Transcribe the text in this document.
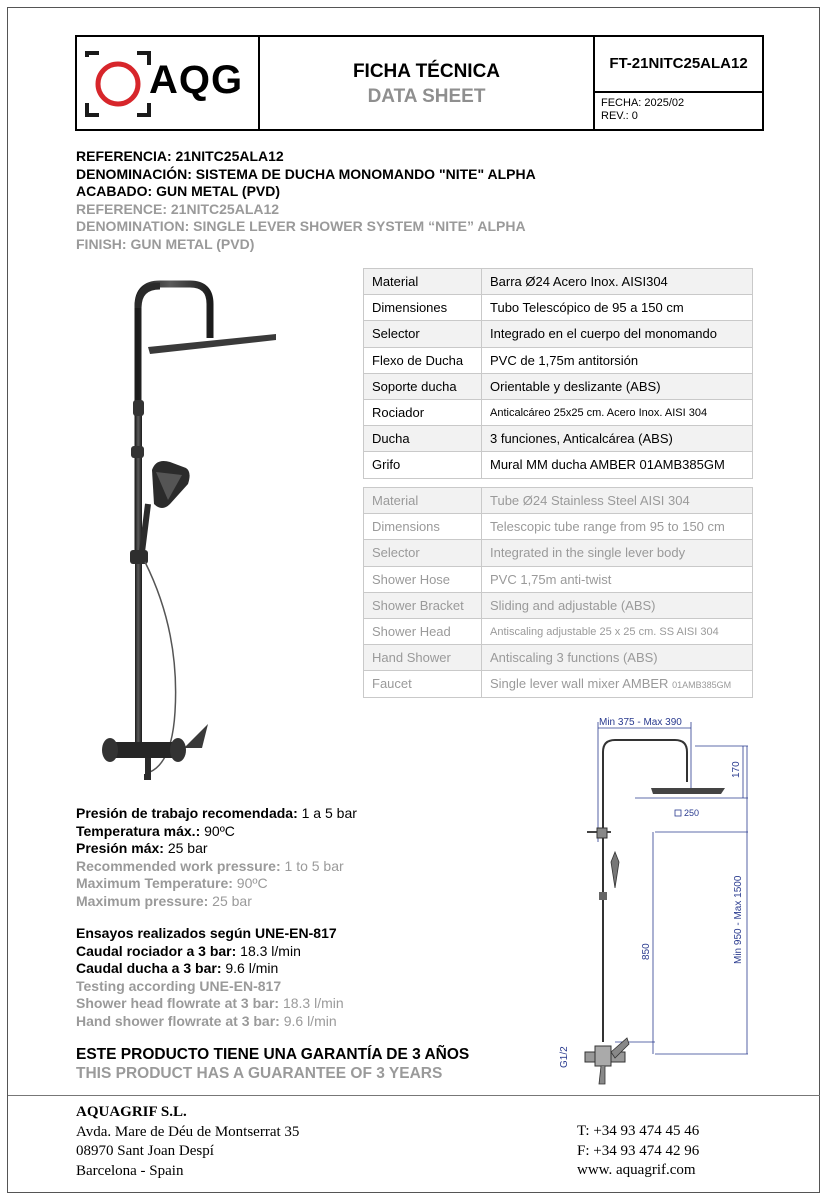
AQG	FICHA TÉCNICA
DATA SHEET
FT-21NITC25ALA12
FECHA: 2025/02
REV.: 0
REFERENCIA: 21NITC25ALA12
DENOMINACIÓN: SISTEMA DE DUCHA MONOMANDO "NITE" ALPHA
ACABADO: GUN METAL (PVD)
REFERENCE: 21NITC25ALA12
DENOMINATION: SINGLE LEVER SHOWER SYSTEM “NITE” ALPHA
FINISH: GUN METAL (PVD)
Material	Barra Ø24 Acero Inox. AISI304
Dimensiones	Tubo Telescópico de 95 a 150 cm
Selector	Integrado en el cuerpo del monomando
Flexo de Ducha	PVC de 1,75m antitorsión
Soporte ducha	Orientable y deslizante (ABS)
Rociador	Anticalcáreo 25x25 cm. Acero Inox. AISI 304
Ducha	3 funciones, Anticalcárea (ABS)
Grifo	Mural MM ducha AMBER 01AMB385GM
Material	Tube Ø24 Stainless Steel AISI 304
Dimensions	Telescopic tube range from 95 to 150 cm
Selector	Integrated in the single lever body
Shower Hose	PVC 1,75m anti-twist
Shower Bracket	Sliding and adjustable (ABS)
Shower Head	Antiscaling adjustable 25 x 25 cm. SS AISI 304
Hand Shower	Antiscaling 3 functions (ABS)
Faucet	Single lever wall mixer AMBER 01AMB385GM
Min 375 - Max 390
170
850	Min 950 - Max 1500
G1/2
250
Presión de trabajo recomendada: 1 a 5 bar
Temperatura máx.: 90ºC
Presión máx: 25 bar
Recommended work pressure: 1 to 5 bar
Maximum Temperature: 90ºC
Maximum pressure: 25 bar
Ensayos realizados según UNE-EN-817
Caudal rociador a 3 bar: 18.3 l/min
Caudal ducha a 3 bar: 9.6 l/min
Testing according UNE-EN-817
Shower head flowrate at 3 bar: 18.3 l/min
Hand shower flowrate at 3 bar: 9.6 l/min
ESTE PRODUCTO TIENE UNA GARANTÍA DE 3 AÑOS
THIS PRODUCT HAS A GUARANTEE OF 3 YEARS
AQUAGRIF S.L.
Avda. Mare de Déu de Montserrat 35
08970 Sant Joan Despí
Barcelona - Spain
T: +34 93 474 45 46
F: +34 93 474 42 96
www. aquagrif.com
